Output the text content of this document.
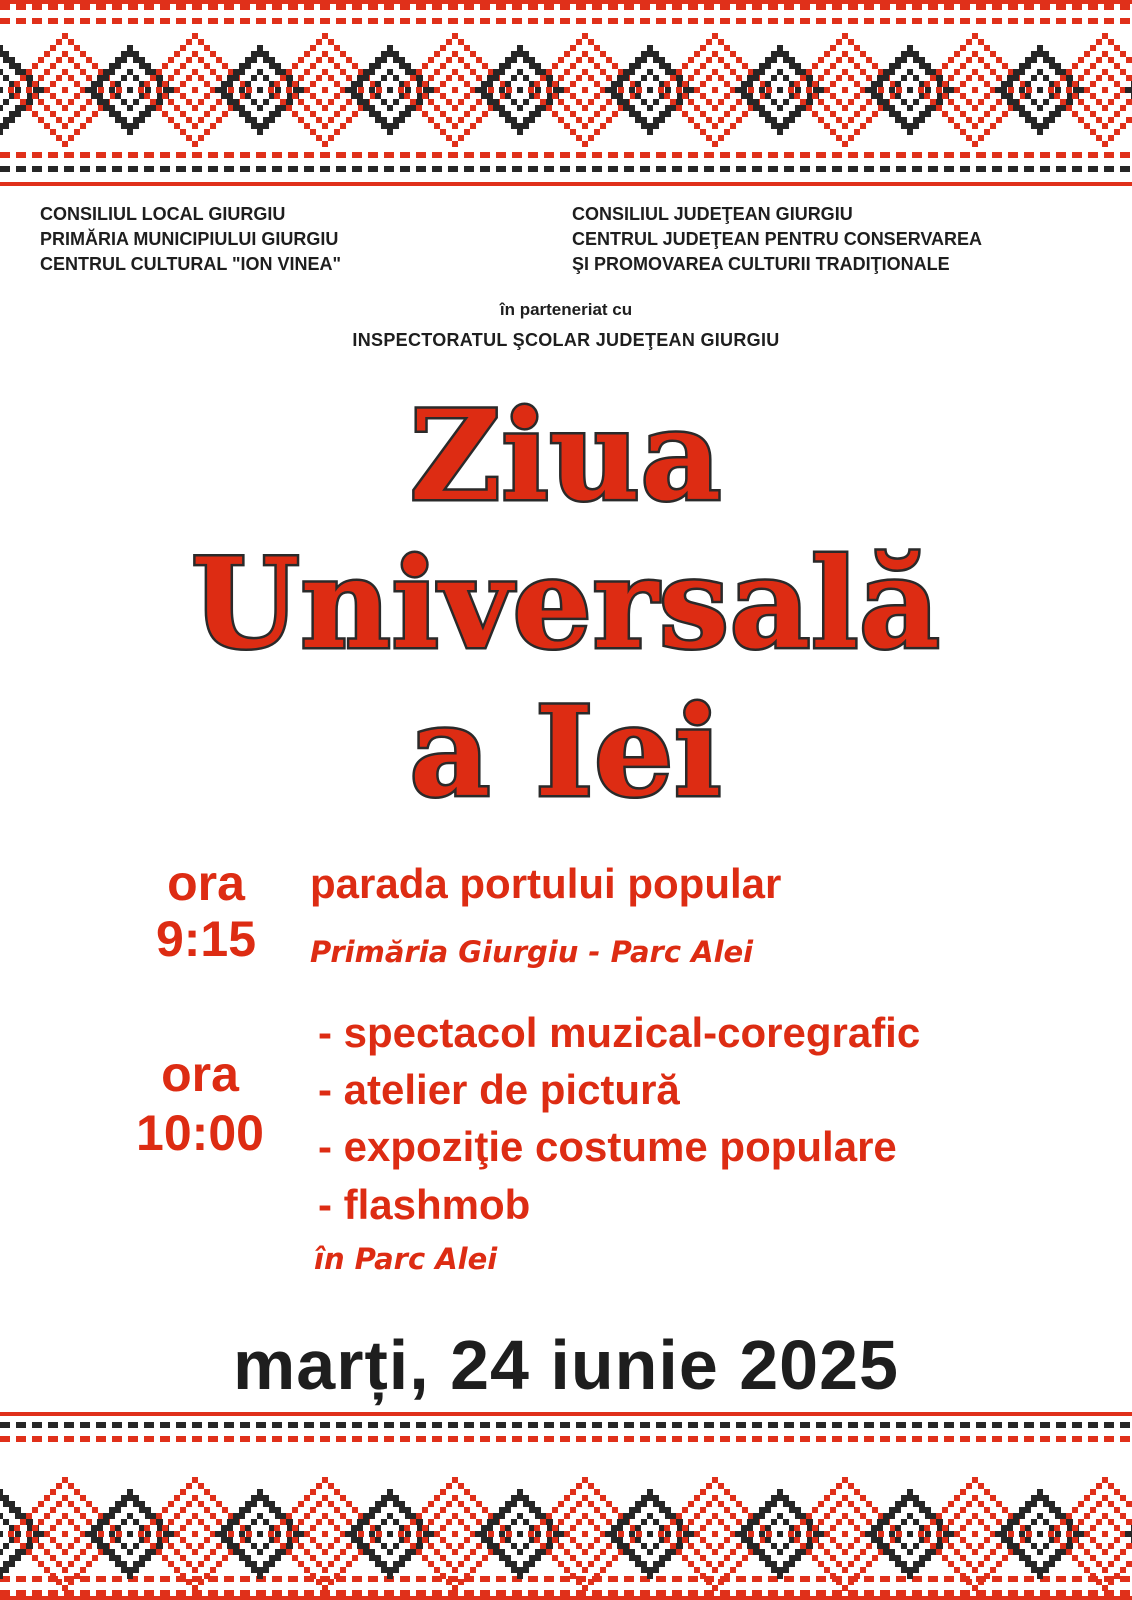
CONSILIUL LOCAL GIURGIU
PRIMĂRIA MUNICIPIULUI GIURGIU
CENTRUL CULTURAL "ION VINEA"
CONSILIUL JUDEŢEAN GIURGIU
CENTRUL JUDEŢEAN PENTRU CONSERVAREA
ŞI PROMOVAREA CULTURII TRADIŢIONALE
în parteneriat cu
INSPECTORATUL ŞCOLAR JUDEŢEAN GIURGIU
Ziua
Universală
a Iei
ora
9:15
parada portului popular
Primăria Giurgiu - Parc Alei
ora
10:00
- spectacol muzical-coregrafic
- atelier de pictură
- expoziţie costume populare
- flashmob
în Parc Alei
marți, 24 iunie 2025
